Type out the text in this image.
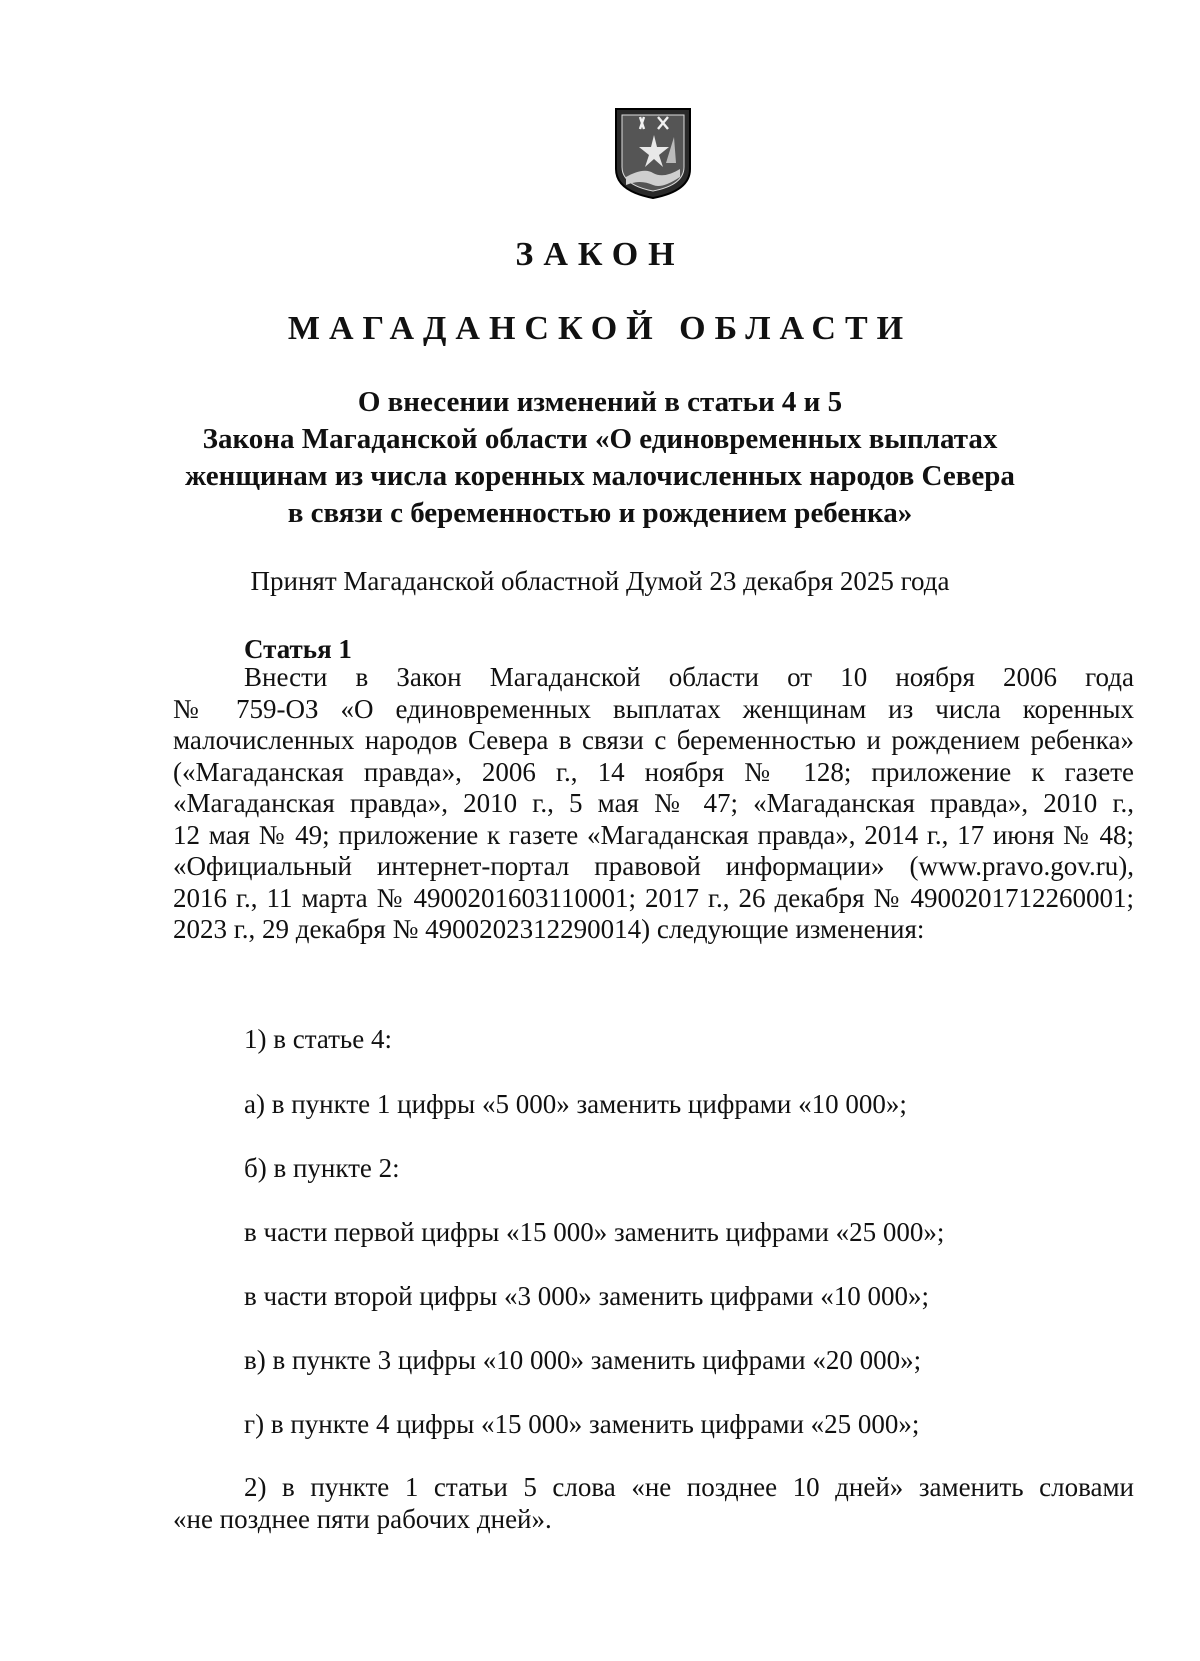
ЗАКОН
МАГАДАНСКОЙ ОБЛАСТИ
О внесении изменений в статьи 4 и 5
Закона Магаданской области «О единовременных выплатах
женщинам из числа коренных малочисленных народов Севера
в связи с беременностью и рождением ребенка»

Принят Магаданской областной Думой 23 декабря 2025 года

Статья 1

Внести в Закон Магаданской области от 10 ноября 2006 года
№ 759-ОЗ «О единовременных выплатах женщинам из числа коренных
малочисленных народов Севера в связи с беременностью и рождением ребенка»
(«Магаданская правда», 2006 г., 14 ноября № 128; приложение к газете
«Магаданская правда», 2010 г., 5 мая № 47; «Магаданская правда», 2010 г.,
12 мая № 49; приложение к газете «Магаданская правда», 2014 г., 17 июня № 48;
«Официальный интернет-портал правовой информации» (www.pravo.gov.ru),
2016 г., 11 марта № 4900201603110001; 2017 г., 26 декабря № 4900201712260001;
2023 г., 29 декабря № 4900202312290014) следующие изменения:

1) в статье 4:

а) в пункте 1 цифры «5 000» заменить цифрами «10 000»;

б) в пункте 2:

в части первой цифры «15 000» заменить цифрами «25 000»;

в части второй цифры «3 000» заменить цифрами «10 000»;

в) в пункте 3 цифры «10 000» заменить цифрами «20 000»;

г) в пункте 4 цифры «15 000» заменить цифрами «25 000»;

2) в пункте 1 статьи 5 слова «не позднее 10 дней» заменить словами
«не позднее пяти рабочих дней».
